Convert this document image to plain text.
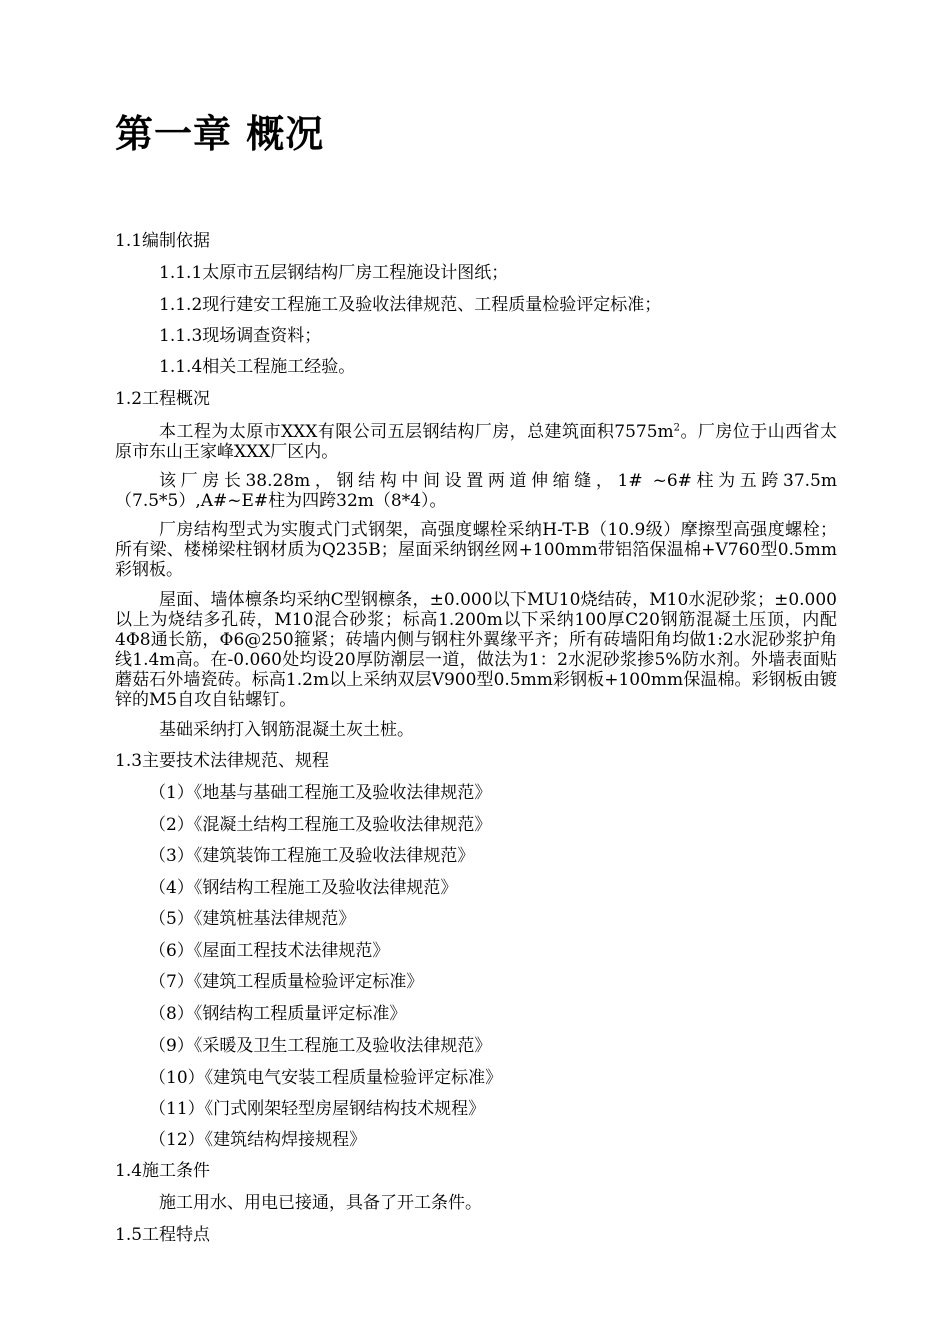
第一章 概况
1.1编制依据
1.1.1太原市五层钢结构厂房工程施设计图纸；
1.1.2现行建安工程施工及验收法律规范、工程质量检验评定标准；
1.1.3现场调查资料；
1.1.4相关工程施工经验。
1.2工程概况
本工程为太原市XXX有限公司五层钢结构厂房，总建筑面积$7575m^2$。厂房位于山西省太原市东山王家峰XXX厂区内。
该厂房长38.28m，钢结构中间设置两道伸缩缝，1# ~6#柱为五跨37.5m（7.5*5）,A#~E#柱为四跨32m（8*4）。
厂房结构型式为实腹式门式钢架，高强度螺栓采纳H-T-B（10.9级）摩擦型高强度螺栓；所有梁、楼梯梁柱钢材质为Q235B；屋面采纳钢丝网+100mm带铝箔保温棉+V760型0.5mm彩钢板。
屋面、墙体檩条均采纳C型钢檩条，±0.000以下MU10烧结砖，M10水泥砂浆；±0.000以上为烧结多孔砖，M10混合砂浆；标高1.200m以下采纳100厚C20钢筋混凝土压顶，内配4Φ8通长筋，Φ6@250箍紧；砖墙内侧与钢柱外翼缘平齐；所有砖墙阳角均做1:2水泥砂浆护角线1.4m高。在-0.060处均设20厚防潮层一道，做法为1：2水泥砂浆掺5%防水剂。外墙表面贴蘑菇石外墙瓷砖。标高1.2m以上采纳双层V900型0.5mm彩钢板+100mm保温棉。彩钢板由镀锌的M5自攻自钻螺钉。
基础采纳打入钢筋混凝土灰土桩。
1.3主要技术法律规范、规程
（1）《地基与基础工程施工及验收法律规范》
（2）《混凝土结构工程施工及验收法律规范》
（3）《建筑装饰工程施工及验收法律规范》
（4）《钢结构工程施工及验收法律规范》
（5）《建筑桩基法律规范》
（6）《屋面工程技术法律规范》
（7）《建筑工程质量检验评定标准》
（8）《钢结构工程质量评定标准》
（9）《采暖及卫生工程施工及验收法律规范》
（10）《建筑电气安装工程质量检验评定标准》
（11）《门式刚架轻型房屋钢结构技术规程》
（12）《建筑结构焊接规程》
1.4施工条件
施工用水、用电已接通，具备了开工条件。
1.5工程特点
